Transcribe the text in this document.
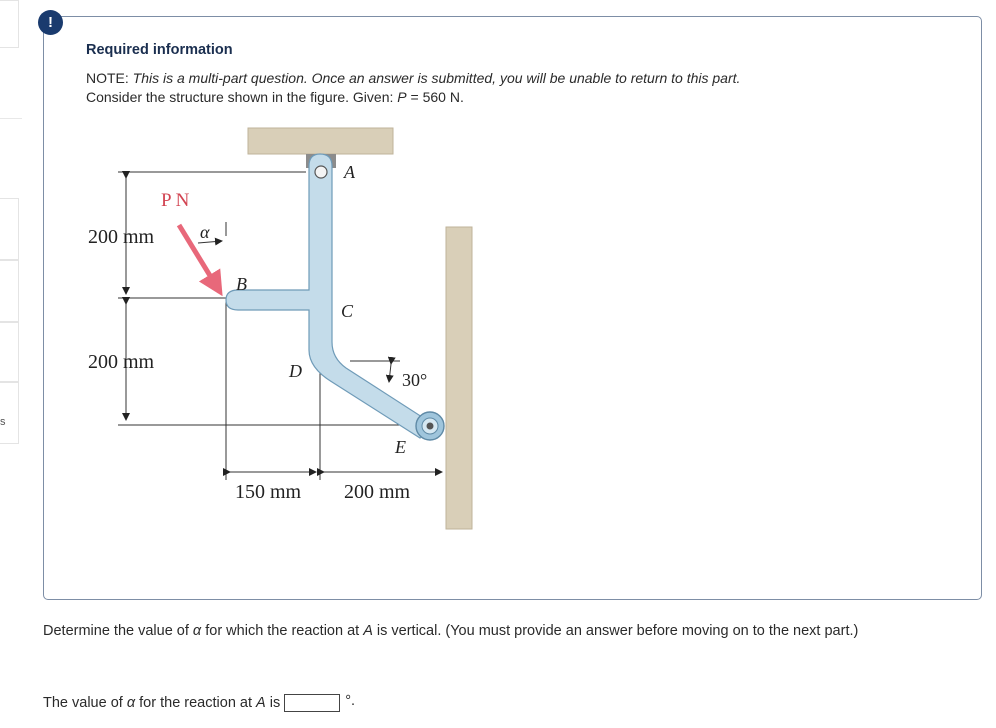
s
!
Required information
NOTE: This is a multi-part question. Once an answer is submitted, you will be unable to return to this part.
Consider the structure shown in the figure. Given: P = 560 N.
P N
α
A
B
C
D
E
200 mm
200 mm
150 mm 200 mm
30°
Determine the value of α for which the reaction at A is vertical. (You must provide an answer before moving on to the next part.)
The value of
α
for the reaction at
A
is	°.
